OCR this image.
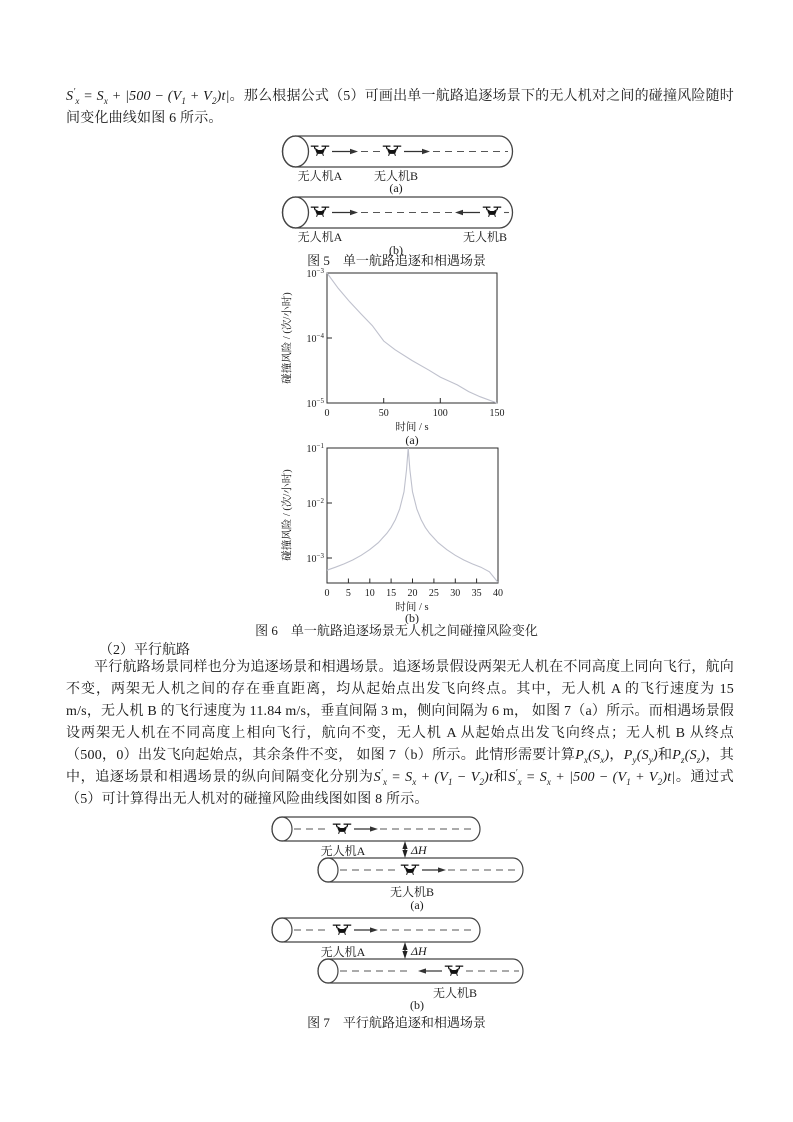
$S'_x = S_x + |500 - (V_1 + V_2)t|$。那么根据公式（5）可画出单一航路追逐场景下的无人机对之间的碰撞风险随时间变化曲线如图 6 所示。
无人机A	无人机B
(a)
无人机A	无人机B
(b)
图 5　单一航路追逐和相遇场景
$10^{-3}$
$10^{-4}$
$10^{-5}$
0	50	100	150
时间 / s
碰撞风险 / (次/小时)
(a)
$10^{-1}$
$10^{-2}$
$10^{-3}$
0 5 10 15 20 25 30 35 40
时间 / s
碰撞风险 / (次/小时)
(b)
图 6　单一航路追逐场景无人机之间碰撞风险变化
（2）平行航路
平行航路场景同样也分为追逐场景和相遇场景。追逐场景假设两架无人机在不同高度上同向飞行，航向不变，两架无人机之间的存在垂直距离，均从起始点出发飞向终点。其中，无人机 A 的飞行速度为 15 m/s，无人机 B 的飞行速度为 11.84 m/s，垂直间隔 3 m，侧向间隔为 6 m， 如图 7（a）所示。而相遇场景假设两架无人机在不同高度上相向飞行，航向不变，无人机 A 从起始点出发飞向终点；无人机 B 从终点（500，0）出发飞向起始点，其余条件不变， 如图 7（b）所示。此情形需要计算$P_x(S_x)$，$P_y(S_y)$和$P_z(S_z)$，其中，追逐场景和相遇场景的纵向间隔变化分别为$S'_x = S_x + (V_1 - V_2)t$和$S'_x = S_x + |500 - (V_1 + V_2)t|$。通过式（5）可计算得出无人机对的碰撞风险曲线图如图 8 所示。
无人机A	ΔH
无人机B
(a)
无人机A	ΔH
无人机B
(b)
图 7　平行航路追逐和相遇场景
